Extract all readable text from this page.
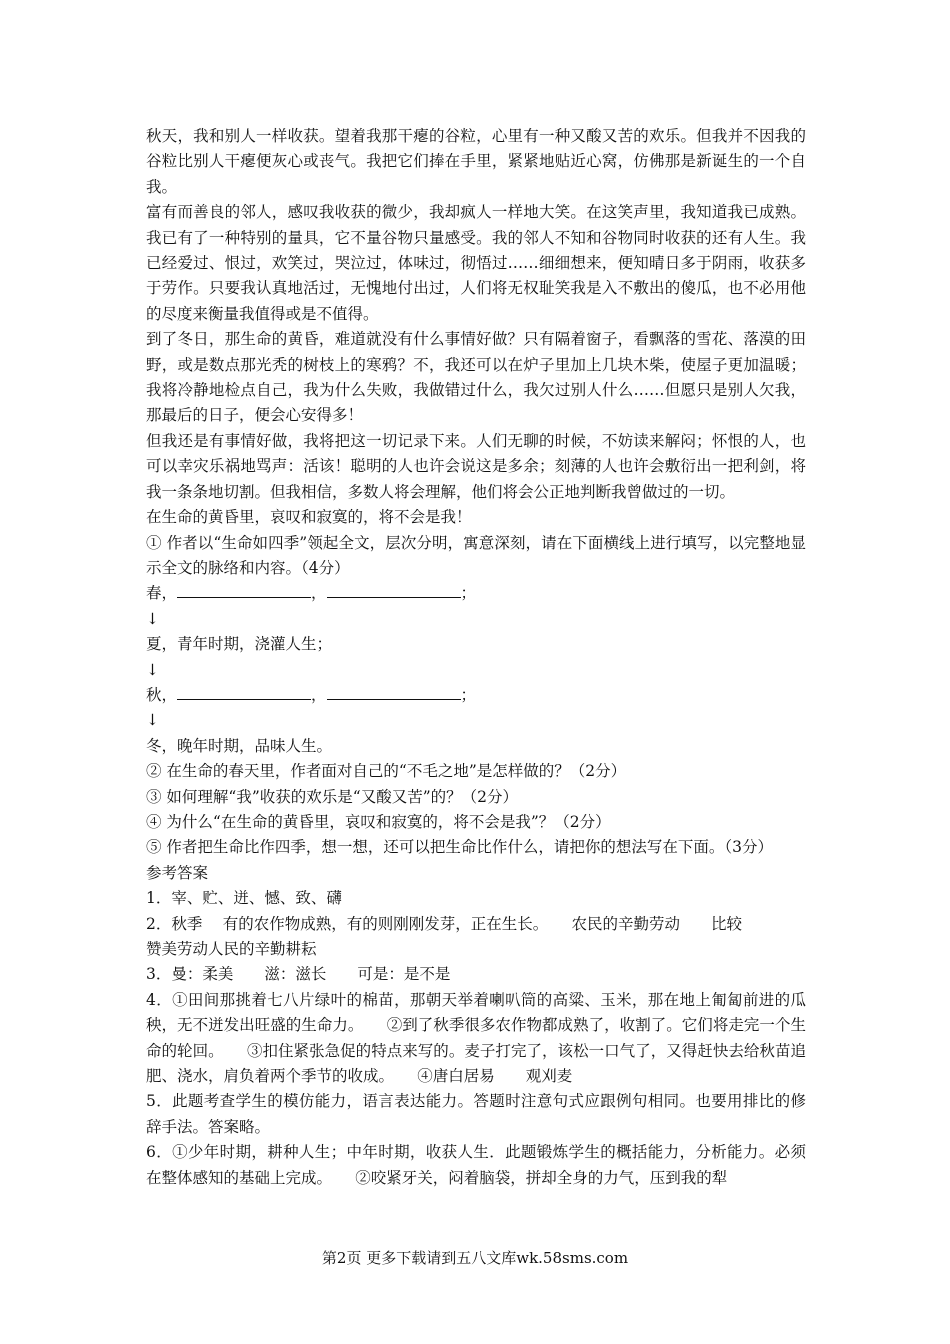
秋天，我和别人一样收获。望着我那干瘪的谷粒，心里有一种又酸又苦的欢乐。但我并不因我的谷粒比别人干瘪便灰心或丧气。我把它们捧在手里，紧紧地贴近心窝，仿佛那是新诞生的一个自我。

富有而善良的邻人，感叹我收获的微少，我却疯人一样地大笑。在这笑声里，我知道我已成熟。我已有了一种特别的量具，它不量谷物只量感受。我的邻人不知和谷物同时收获的还有人生。我已经爱过、恨过，欢笑过，哭泣过，体味过，彻悟过……细细想来，便知晴日多于阴雨，收获多于劳作。只要我认真地活过，无愧地付出过，人们将无权耻笑我是入不敷出的傻瓜，也不必用他的尽度来衡量我值得或是不值得。

到了冬日，那生命的黄昏，难道就没有什么事情好做？只有隔着窗子，看飘落的雪花、落漠的田野，或是数点那光秃的树枝上的寒鸦？不，我还可以在炉子里加上几块木柴，使屋子更加温暖；我将冷静地检点自己，我为什么失败，我做错过什么，我欠过别人什么……但愿只是别人欠我，那最后的日子，便会心安得多！

但我还是有事情好做，我将把这一切记录下来。人们无聊的时候，不妨读来解闷；怀恨的人，也可以幸灾乐祸地骂声：活该！聪明的人也许会说这是多余；刻薄的人也许会敷衍出一把利剑，将我一条条地切割。但我相信，多数人将会理解，他们将会公正地判断我曾做过的一切。

在生命的黄昏里，哀叹和寂寞的，将不会是我！

① 作者以“生命如四季”领起全文，层次分明，寓意深刻，请在下面横线上进行填写，以完整地显示全文的脉络和内容。（4分）

春，	，	；

↓

夏，青年时期，浇灌人生；

↓

秋，	，	；

↓

冬，晚年时期，品味人生。

② 在生命的春天里，作者面对自己的“不毛之地”是怎样做的？（2分）

③ 如何理解“我”收获的欢乐是“又酸又苦”的？（2分）

④ 为什么“在生命的黄昏里，哀叹和寂寞的，将不会是我”？（2分）

⑤ 作者把生命比作四季，想一想，还可以把生命比作什么，请把你的想法写在下面。（3分）

参考答案

1．宰、贮、迸、憾、致、礴

2．秋季　 有的农作物成熟，有的则刚刚发芽，正在生长。　　农民的辛勤劳动　　比较

赞美劳动人民的辛勤耕耘

3．曼：柔美　　滋：滋长　　可是：是不是

4．①田间那挑着七八片绿叶的棉苗，那朝天举着喇叭筒的高粱、玉米，那在地上匍匐前进的瓜秧，无不迸发出旺盛的生命力。　　②到了秋季很多农作物都成熟了，收割了。它们将走完一个生命的轮回。　　③扣住紧张急促的特点来写的。麦子打完了，该松一口气了，又得赶快去给秋苗追肥、浇水，肩负着两个季节的收成。　　④唐白居易　　观刈麦

5．此题考查学生的模仿能力，语言表达能力。答题时注意句式应跟例句相同。也要用排比的修辞手法。答案略。

6．①少年时期，耕种人生；中年时期，收获人生．此题锻炼学生的概括能力，分析能力。必须在整体感知的基础上完成。　　②咬紧牙关，闷着脑袋，拼却全身的力气，压到我的犁

第2页 更多下载请到五八文库wk.58sms.com
